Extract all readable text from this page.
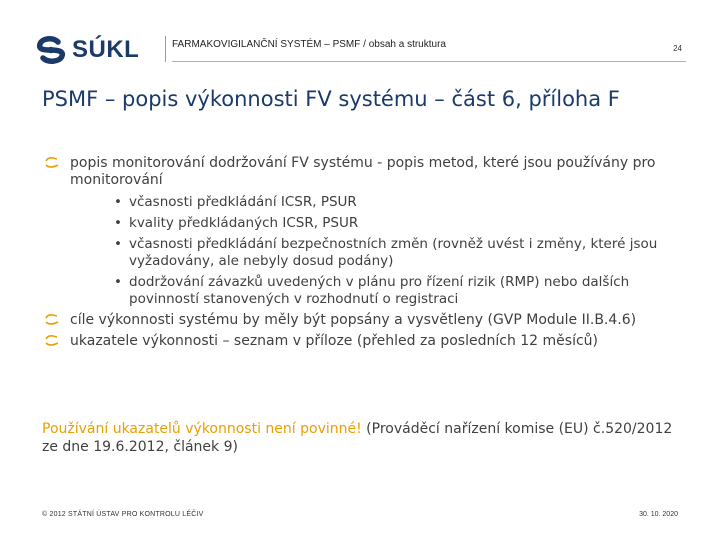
SÚKL	FARMAKOVIGILANČNÍ SYSTÉM – PSMF / obsah a struktura	24
PSMF – popis výkonnosti FV systému – část 6, příloha F
popis monitorování dodržování FV systému - popis metod, které jsou používány pro monitorování
• včasnosti předkládání ICSR, PSUR
• kvality předkládaných ICSR, PSUR
• včasnosti předkládání bezpečnostních změn (rovněž uvést i změny, které jsou vyžadovány, ale nebyly dosud podány)
• dodržování závazků uvedených v plánu pro řízení rizik (RMP) nebo dalších povinností stanovených v rozhodnutí o registraci
cíle výkonnosti systému by měly být popsány a vysvětleny (GVP Module II.B.4.6)
ukazatele výkonnosti – seznam v příloze (přehled za posledních 12 měsíců)
Používání ukazatelů výkonnosti není povinné! (Prováděcí nařízení komise (EU) č.520/2012 ze dne 19.6.2012, článek 9)
© 2012 STÁTNÍ ÚSTAV PRO KONTROLU LÉČIV	30. 10. 2020
